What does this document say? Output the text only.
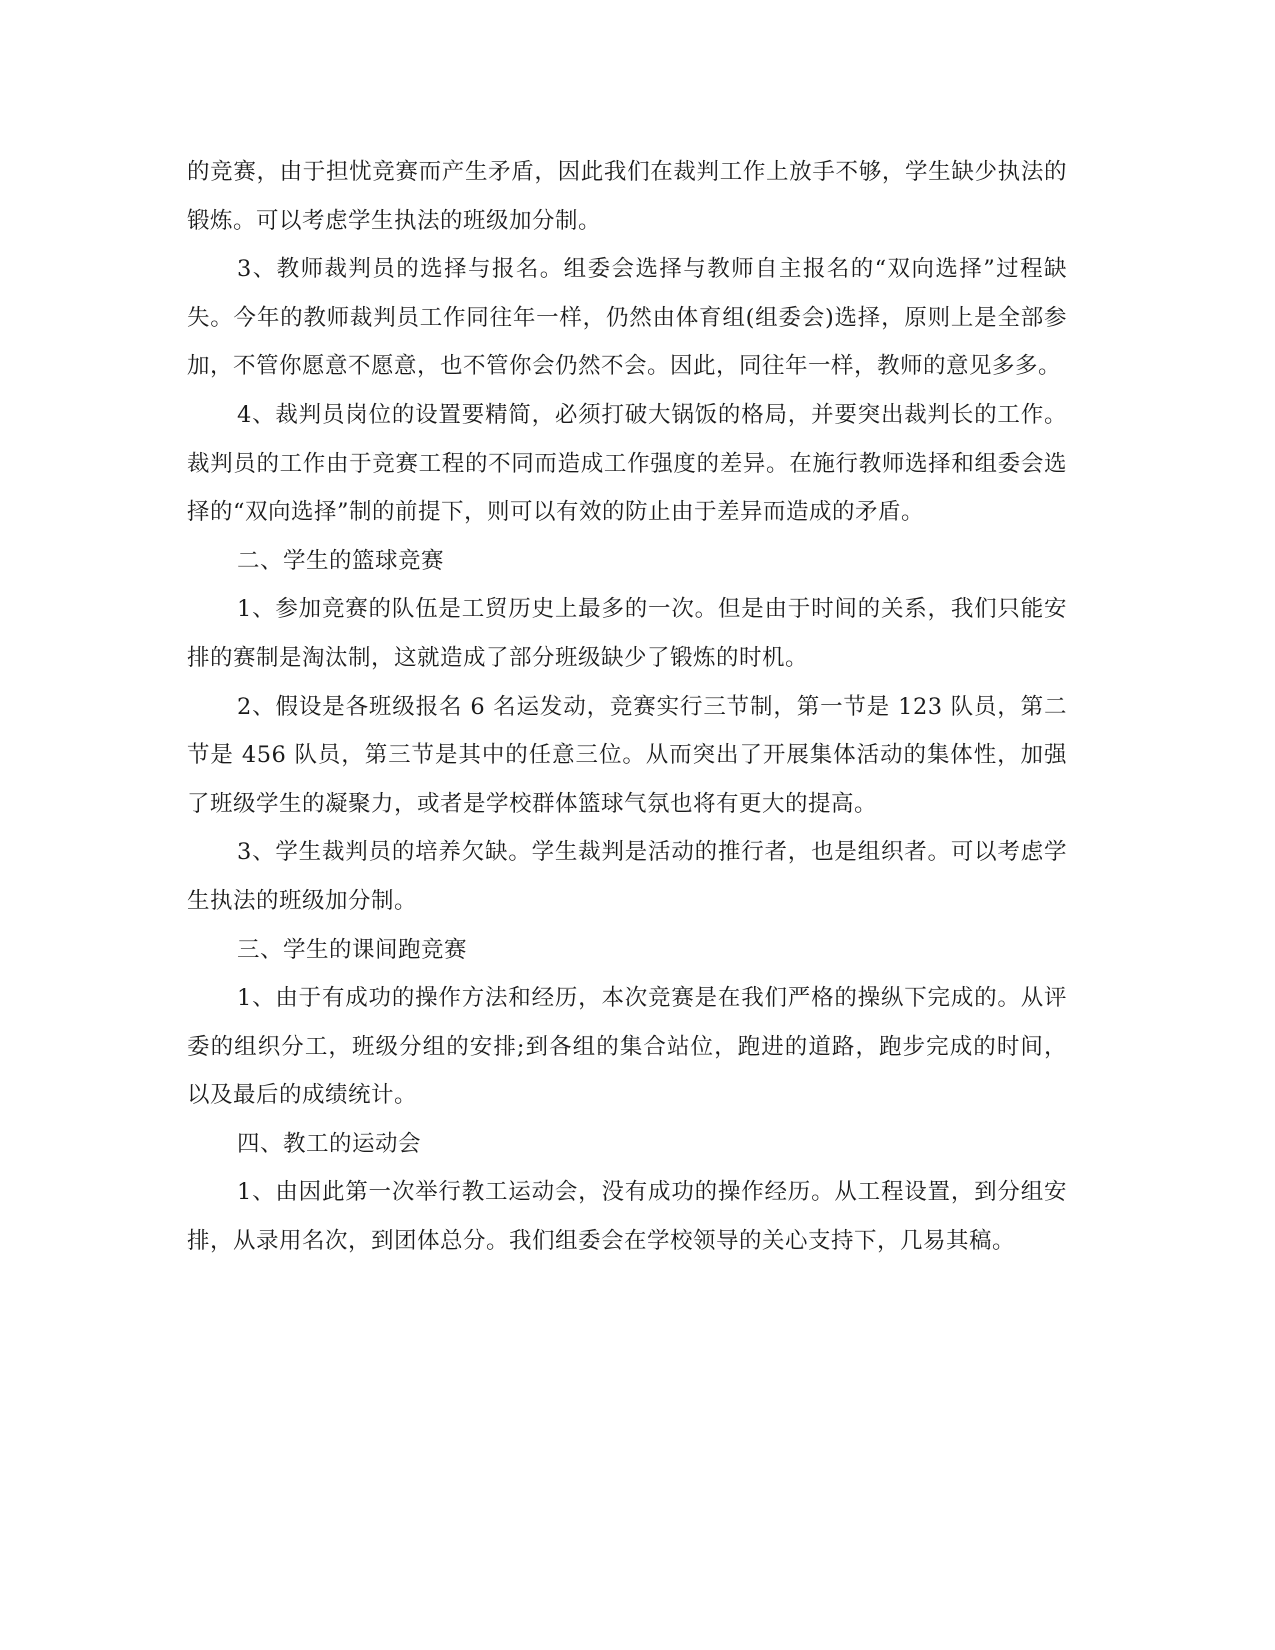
的竞赛，由于担忧竞赛而产生矛盾，因此我们在裁判工作上放手不够，学生缺少执法的锻炼。可以考虑学生执法的班级加分制。

3、教师裁判员的选择与报名。组委会选择与教师自主报名的“双向选择”过程缺失。今年的教师裁判员工作同往年一样，仍然由体育组(组委会)选择，原则上是全部参加，不管你愿意不愿意，也不管你会仍然不会。因此，同往年一样，教师的意见多多。

4、裁判员岗位的设置要精简，必须打破大锅饭的格局，并要突出裁判长的工作。裁判员的工作由于竞赛工程的不同而造成工作强度的差异。在施行教师选择和组委会选择的“双向选择”制的前提下，则可以有效的防止由于差异而造成的矛盾。

二、学生的篮球竞赛

1、参加竞赛的队伍是工贸历史上最多的一次。但是由于时间的关系，我们只能安排的赛制是淘汰制，这就造成了部分班级缺少了锻炼的时机。

2、假设是各班级报名 6 名运发动，竞赛实行三节制，第一节是 123 队员，第二节是 456 队员，第三节是其中的任意三位。从而突出了开展集体活动的集体性，加强了班级学生的凝聚力，或者是学校群体篮球气氛也将有更大的提高。

3、学生裁判员的培养欠缺。学生裁判是活动的推行者，也是组织者。可以考虑学生执法的班级加分制。

三、学生的课间跑竞赛

1、由于有成功的操作方法和经历，本次竞赛是在我们严格的操纵下完成的。从评委的组织分工，班级分组的安排;到各组的集合站位，跑进的道路，跑步完成的时间，以及最后的成绩统计。

四、教工的运动会

1、由因此第一次举行教工运动会，没有成功的操作经历。从工程设置，到分组安排，从录用名次，到团体总分。我们组委会在学校领导的关心支持下，几易其稿。
